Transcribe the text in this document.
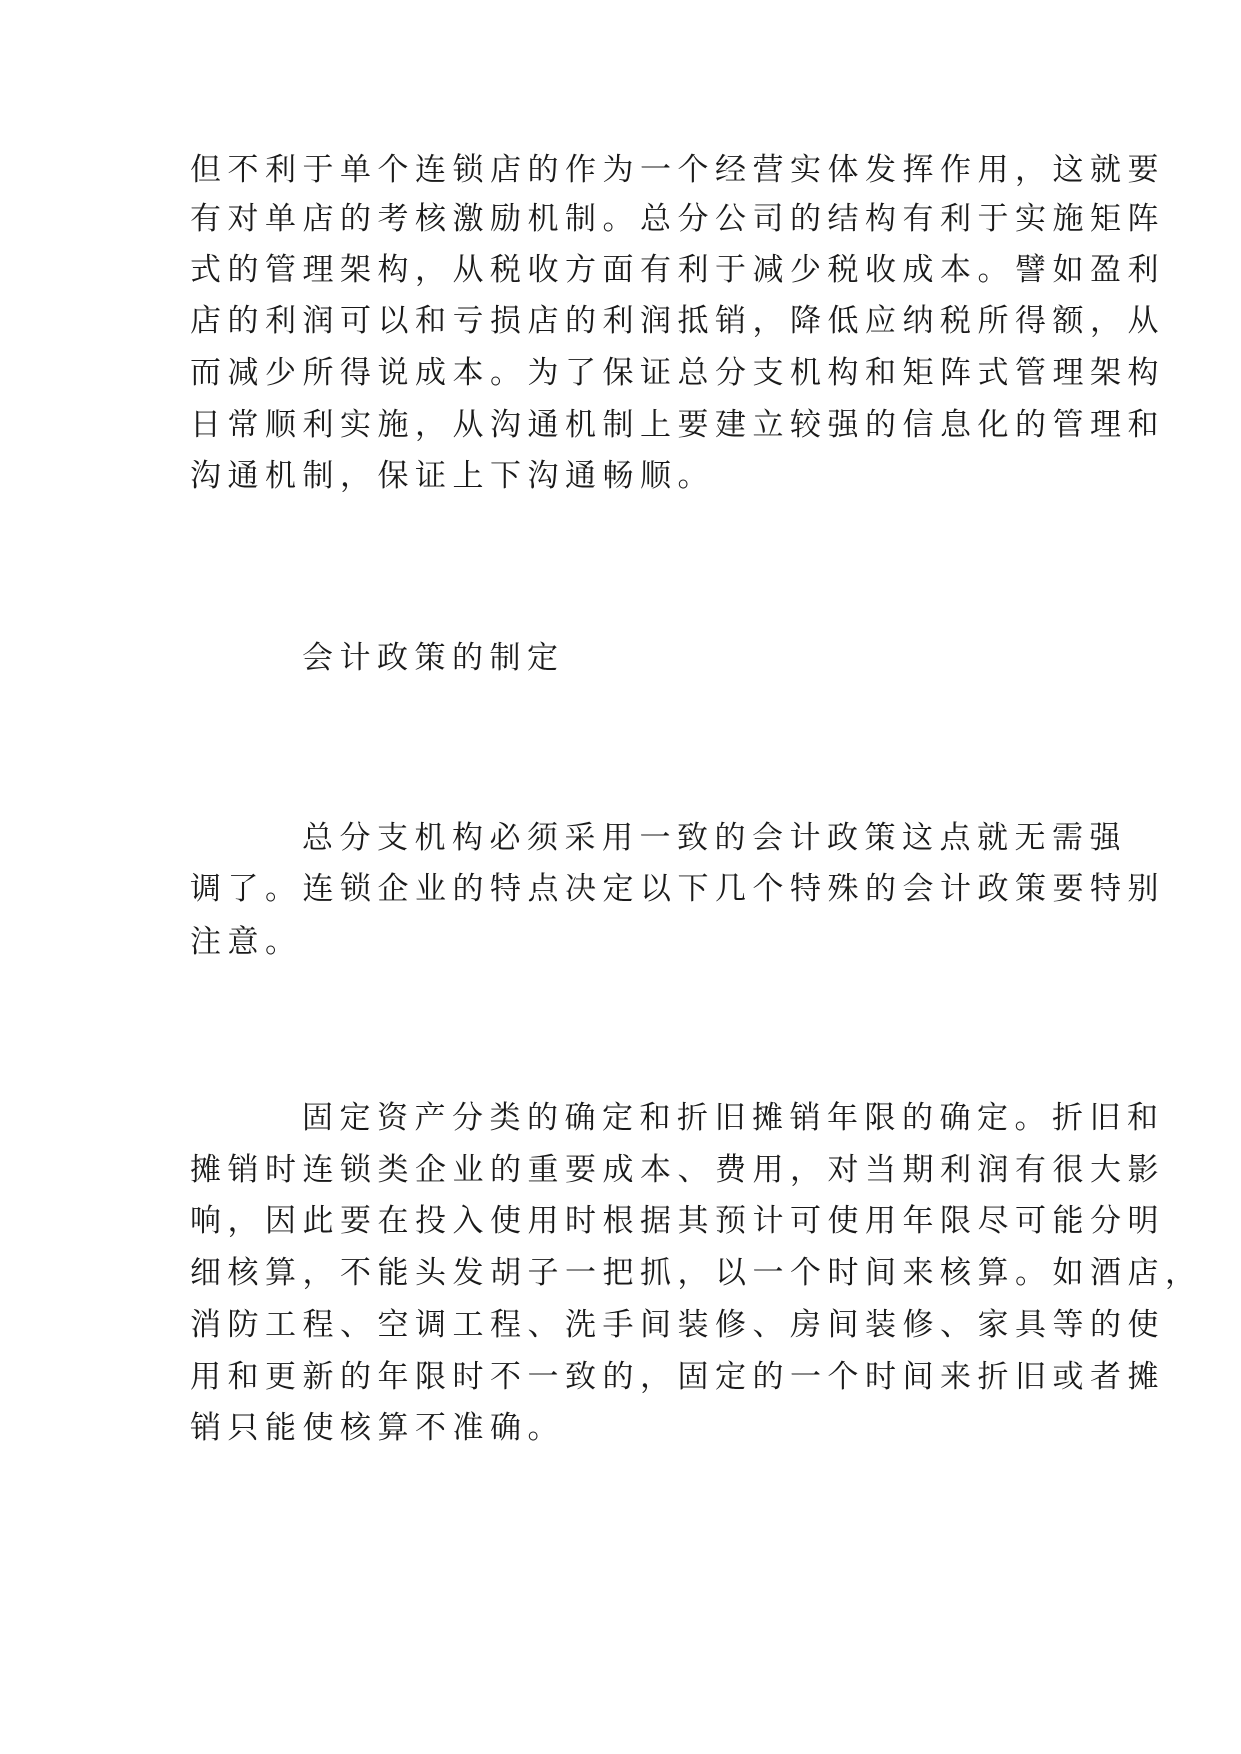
但不利于单个连锁店的作为一个经营实体发挥作用，这就要
有对单店的考核激励机制。总分公司的结构有利于实施矩阵
式的管理架构，从税收方面有利于减少税收成本。譬如盈利
店的利润可以和亏损店的利润抵销，降低应纳税所得额，从
而减少所得说成本。为了保证总分支机构和矩阵式管理架构
日常顺利实施，从沟通机制上要建立较强的信息化的管理和
沟通机制，保证上下沟通畅顺。
会计政策的制定
总分支机构必须采用一致的会计政策这点就无需强
调了。连锁企业的特点决定以下几个特殊的会计政策要特别
注意。
固定资产分类的确定和折旧摊销年限的确定。折旧和
摊销时连锁类企业的重要成本、费用，对当期利润有很大影
响，因此要在投入使用时根据其预计可使用年限尽可能分明
细核算，不能头发胡子一把抓，以一个时间来核算。如酒店，
消防工程、空调工程、洗手间装修、房间装修、家具等的使
用和更新的年限时不一致的，固定的一个时间来折旧或者摊
销只能使核算不准确。
